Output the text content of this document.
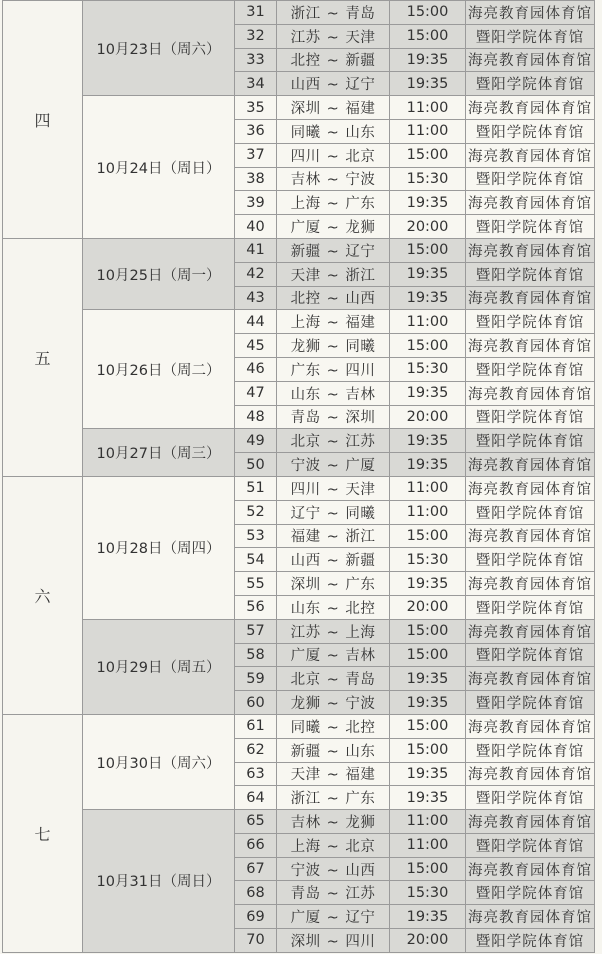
四	10月23日（周六）	31	浙江 ~ 青岛	15:00	海亮教育园体育馆
		32	江苏 ~ 天津	15:00	暨阳学院体育馆
		33	北控 ~ 新疆	19:35	海亮教育园体育馆
		34	山西 ~ 辽宁	19:35	暨阳学院体育馆
	10月24日（周日）	35	深圳 ~ 福建	11:00	海亮教育园体育馆
		36	同曦 ~ 山东	11:00	暨阳学院体育馆
		37	四川 ~ 北京	15:00	海亮教育园体育馆
		38	吉林 ~ 宁波	15:30	暨阳学院体育馆
		39	上海 ~ 广东	19:35	海亮教育园体育馆
		40	广厦 ~ 龙狮	20:00	暨阳学院体育馆
五	10月25日（周一）	41	新疆 ~ 辽宁	15:00	海亮教育园体育馆
		42	天津 ~ 浙江	19:35	暨阳学院体育馆
		43	北控 ~ 山西	19:35	海亮教育园体育馆
	10月26日（周二）	44	上海 ~ 福建	11:00	暨阳学院体育馆
		45	龙狮 ~ 同曦	15:00	海亮教育园体育馆
		46	广东 ~ 四川	15:30	暨阳学院体育馆
		47	山东 ~ 吉林	19:35	海亮教育园体育馆
		48	青岛 ~ 深圳	20:00	暨阳学院体育馆
	10月27日（周三）	49	北京 ~ 江苏	19:35	暨阳学院体育馆
		50	宁波 ~ 广厦	19:35	海亮教育园体育馆
六	10月28日（周四）	51	四川 ~ 天津	11:00	海亮教育园体育馆
		52	辽宁 ~ 同曦	11:00	暨阳学院体育馆
		53	福建 ~ 浙江	15:00	海亮教育园体育馆
		54	山西 ~ 新疆	15:30	暨阳学院体育馆
		55	深圳 ~ 广东	19:35	海亮教育园体育馆
		56	山东 ~ 北控	20:00	暨阳学院体育馆
	10月29日（周五）	57	江苏 ~ 上海	15:00	海亮教育园体育馆
		58	广厦 ~ 吉林	15:00	暨阳学院体育馆
		59	北京 ~ 青岛	19:35	海亮教育园体育馆
		60	龙狮 ~ 宁波	19:35	暨阳学院体育馆
七	10月30日（周六）	61	同曦 ~ 北控	15:00	海亮教育园体育馆
		62	新疆 ~ 山东	15:00	暨阳学院体育馆
		63	天津 ~ 福建	19:35	海亮教育园体育馆
		64	浙江 ~ 广东	19:35	暨阳学院体育馆
	10月31日（周日）	65	吉林 ~ 龙狮	11:00	海亮教育园体育馆
		66	上海 ~ 北京	11:00	暨阳学院体育馆
		67	宁波 ~ 山西	15:00	海亮教育园体育馆
		68	青岛 ~ 江苏	15:30	暨阳学院体育馆
		69	广厦 ~ 辽宁	19:35	海亮教育园体育馆
		70	深圳 ~ 四川	20:00	暨阳学院体育馆
